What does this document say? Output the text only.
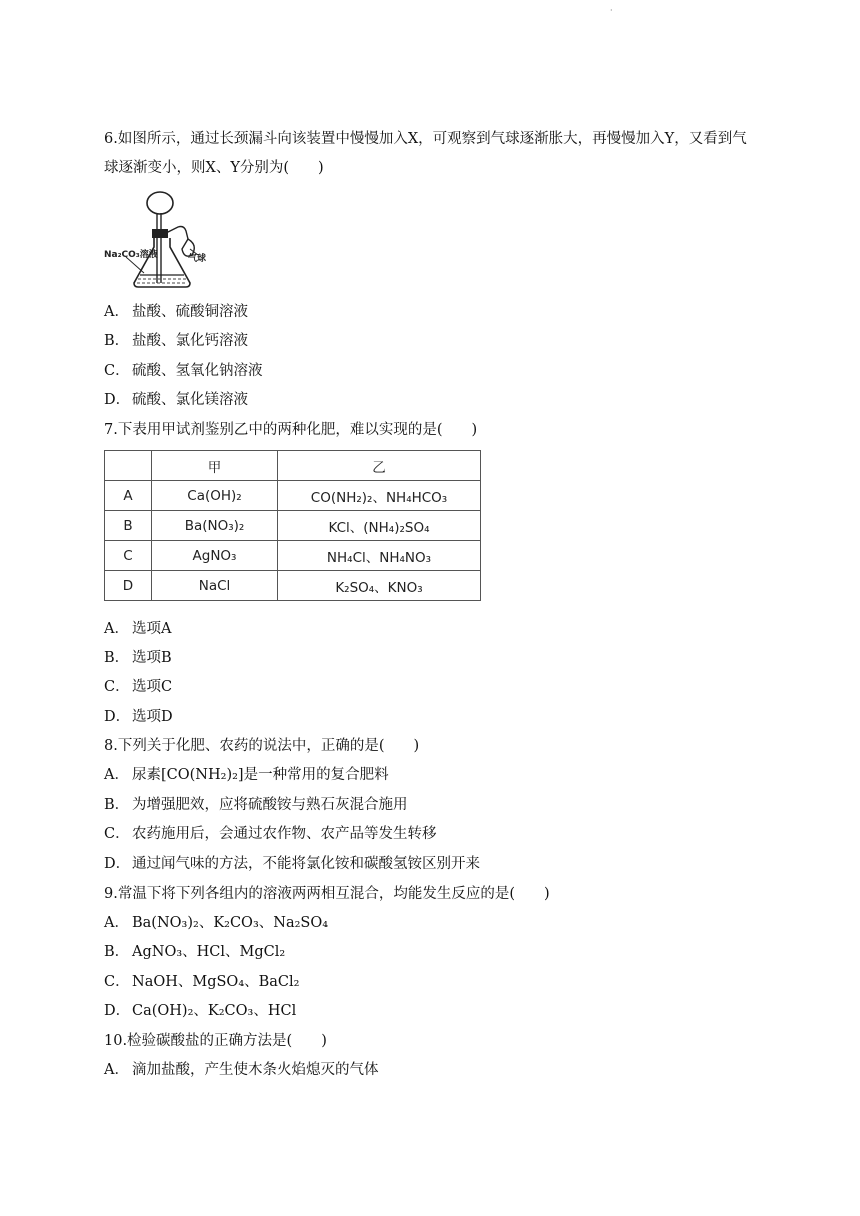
·
6.如图所示，通过长颈漏斗向该装置中慢慢加入X，可观察到气球逐渐胀大，再慢慢加入Y，又看到气球逐渐变小，则X、Y分别为(　　)
Na₂CO₃溶液	气球
A． 盐酸、硫酸铜溶液
B． 盐酸、氯化钙溶液
C． 硫酸、氢氧化钠溶液
D． 硫酸、氯化镁溶液
7.下表用甲试剂鉴别乙中的两种化肥，难以实现的是(　　)
	甲	乙
A	Ca(OH)₂	CO(NH₂)₂、NH₄HCO₃
B	Ba(NO₃)₂	KCl、(NH₄)₂SO₄
C	AgNO₃	NH₄Cl、NH₄NO₃
D	NaCl	K₂SO₄、KNO₃
A． 选项A
B． 选项B
C． 选项C
D． 选项D
8.下列关于化肥、农药的说法中，正确的是(　　)
A． 尿素[CO(NH₂)₂]是一种常用的复合肥料
B． 为增强肥效，应将硫酸铵与熟石灰混合施用
C． 农药施用后，会通过农作物、农产品等发生转移
D． 通过闻气味的方法，不能将氯化铵和碳酸氢铵区别开来
9.常温下将下列各组内的溶液两两相互混合，均能发生反应的是(　　)
A． Ba(NO₃)₂、K₂CO₃、Na₂SO₄
B． AgNO₃、HCl、MgCl₂
C． NaOH、MgSO₄、BaCl₂
D． Ca(OH)₂、K₂CO₃、HCl
10.检验碳酸盐的正确方法是(　　)
A． 滴加盐酸，产生使木条火焰熄灭的气体
